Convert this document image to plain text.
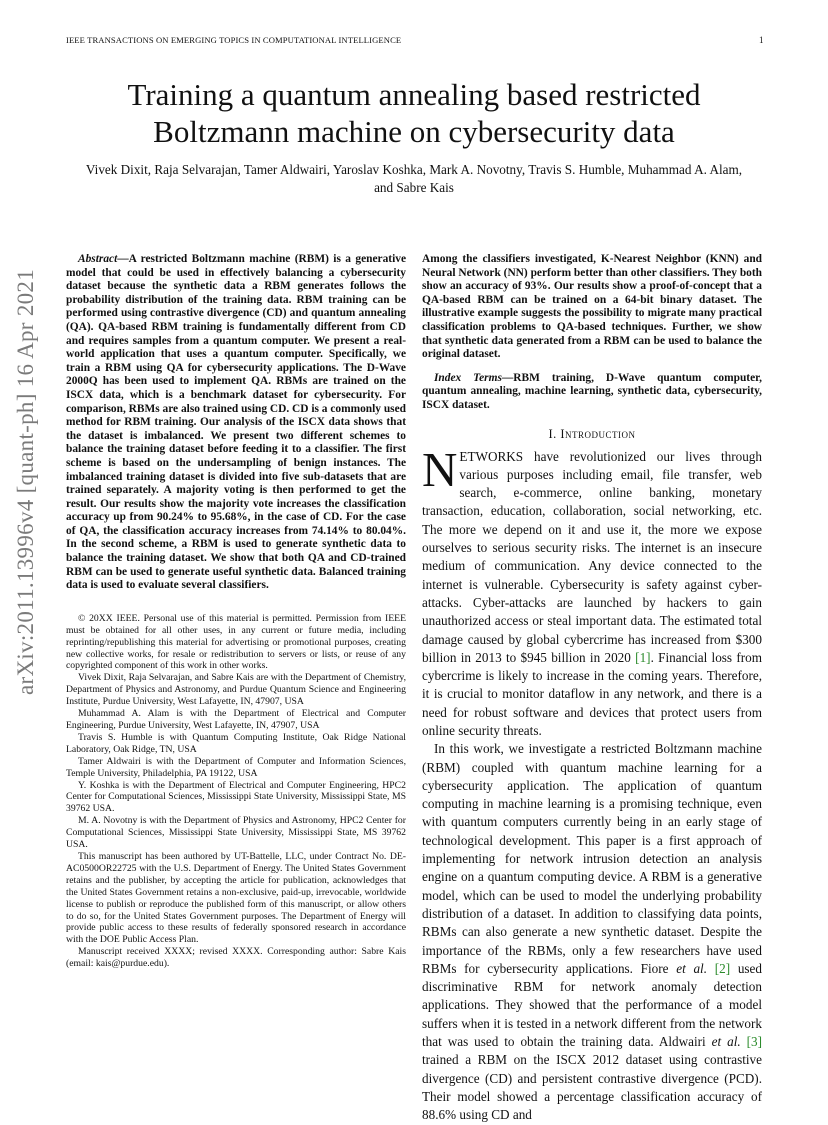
IEEE TRANSACTIONS ON EMERGING TOPICS IN COMPUTATIONAL INTELLIGENCE	1
Training a quantum annealing based restricted Boltzmann machine on cybersecurity data
Vivek Dixit, Raja Selvarajan, Tamer Aldwairi, Yaroslav Koshka, Mark A. Novotny, Travis S. Humble, Muhammad A. Alam, and Sabre Kais
arXiv:2011.13996v4 [quant-ph] 16 Apr 2021

Abstract—A restricted Boltzmann machine (RBM) is a generative model that could be used in effectively balancing a cybersecurity dataset because the synthetic data a RBM generates follows the probability distribution of the training data. RBM training can be performed using contrastive divergence (CD) and quantum annealing (QA). QA-based RBM training is fundamentally different from CD and requires samples from a quantum computer. We present a real-world application that uses a quantum computer. Specifically, we train a RBM using QA for cybersecurity applications. The D-Wave 2000Q has been used to implement QA. RBMs are trained on the ISCX data, which is a benchmark dataset for cybersecurity. For comparison, RBMs are also trained using CD. CD is a commonly used method for RBM training. Our analysis of the ISCX data shows that the dataset is imbalanced. We present two different schemes to balance the training dataset before feeding it to a classifier. The first scheme is based on the undersampling of benign instances. The imbalanced training dataset is divided into five sub-datasets that are trained separately. A majority voting is then performed to get the result. Our results show the majority vote increases the classification accuracy up from 90.24% to 95.68%, in the case of CD. For the case of QA, the classification accuracy increases from 74.14% to 80.04%. In the second scheme, a RBM is used to generate synthetic data to balance the training dataset. We show that both QA and CD-trained RBM can be used to generate useful synthetic data. Balanced training data is used to evaluate several classifiers.

© 20XX IEEE. Personal use of this material is permitted. Permission from IEEE must be obtained for all other uses, in any current or future media, including reprinting/republishing this material for advertising or promotional purposes, creating new collective works, for resale or redistribution to servers or lists, or reuse of any copyrighted component of this work in other works.

Vivek Dixit, Raja Selvarajan, and Sabre Kais are with the Department of Chemistry, Department of Physics and Astronomy, and Purdue Quantum Science and Engineering Institute, Purdue University, West Lafayette, IN, 47907, USA

Muhammad A. Alam is with the Department of Electrical and Computer Engineering, Purdue University, West Lafayette, IN, 47907, USA

Travis S. Humble is with Quantum Computing Institute, Oak Ridge National Laboratory, Oak Ridge, TN, USA

Tamer Aldwairi is with the Department of Computer and Information Sciences, Temple University, Philadelphia, PA 19122, USA

Y. Koshka is with the Department of Electrical and Computer Engineering, HPC2 Center for Computational Sciences, Mississippi State University, Mississippi State, MS 39762 USA.

M. A. Novotny is with the Department of Physics and Astronomy, HPC2 Center for Computational Sciences, Mississippi State University, Mississippi State, MS 39762 USA.

This manuscript has been authored by UT-Battelle, LLC, under Contract No. DE-AC0500OR22725 with the U.S. Department of Energy. The United States Government retains and the publisher, by accepting the article for publication, acknowledges that the United States Government retains a non-exclusive, paid-up, irrevocable, worldwide license to publish or reproduce the published form of this manuscript, or allow others to do so, for the United States Government purposes. The Department of Energy will provide public access to these results of federally sponsored research in accordance with the DOE Public Access Plan.

Manuscript received XXXX; revised XXXX. Corresponding author: Sabre Kais (email: kais@purdue.edu).

Among the classifiers investigated, K-Nearest Neighbor (KNN) and Neural Network (NN) perform better than other classifiers. They both show an accuracy of 93%. Our results show a proof-of-concept that a QA-based RBM can be trained on a 64-bit binary dataset. The illustrative example suggests the possibility to migrate many practical classification problems to QA-based techniques. Further, we show that synthetic data generated from a RBM can be used to balance the original dataset.

Index Terms—RBM training, D-Wave quantum computer, quantum annealing, machine learning, synthetic data, cybersecurity, ISCX dataset.

I. Introduction

NETWORKS have revolutionized our lives through various purposes including email, file transfer, web search, e-commerce, online banking, monetary transaction, education, collaboration, social networking, etc. The more we depend on it and use it, the more we expose ourselves to serious security risks. The internet is an insecure medium of communication. Any device connected to the internet is vulnerable. Cybersecurity is safety against cyber-attacks. Cyber-attacks are launched by hackers to gain unauthorized access or steal important data. The estimated total damage caused by global cybercrime has increased from $300 billion in 2013 to $945 billion in 2020 [ 1 ] . Financial loss from cybercrime is likely to increase in the coming years. Therefore, it is crucial to monitor dataflow in any network, and there is a need for robust software and devices that protect users from online security threats.

In this work, we investigate a restricted Boltzmann machine (RBM) coupled with quantum machine learning for a cybersecurity application. The application of quantum computing in machine learning is a promising technique, even with quantum computers currently being in an early stage of technological development. This paper is a first approach of implementing for network intrusion detection an analysis engine on a quantum computing device. A RBM is a generative model, which can be used to model the underlying probability distribution of a dataset. In addition to classifying data points, RBMs can also generate a new synthetic dataset. Despite the importance of the RBMs, only a few researchers have used RBMs for cybersecurity applications. Fiore et al. [ 2 ] used discriminative RBM for network anomaly detection applications. They showed that the performance of a model suffers when it is tested in a network different from the network that was used to obtain the training data. Aldwairi et al. [ 3 ] trained a RBM on the ISCX 2012 dataset using contrastive divergence (CD) and persistent contrastive divergence (PCD). Their model showed a percentage classification accuracy of 88.6% using CD and
